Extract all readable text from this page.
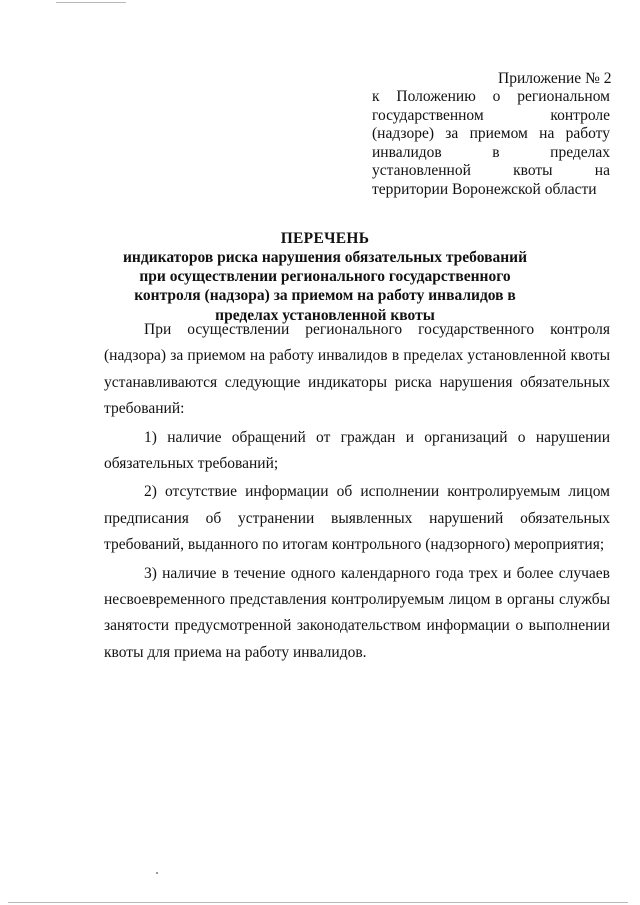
Приложение № 2
к Положению о региональном государственном контроле (надзоре) за приемом на работу инвалидов в пределах установленной квоты на территории Воронежской области
ПЕРЕЧЕНЬ
индикаторов риска нарушения обязательных требований при осуществлении регионального государственного контроля (надзора) за приемом на работу инвалидов в пределах установленной квоты

При осуществлении регионального государственного контроля (надзора) за приемом на работу инвалидов в пределах установленной квоты устанавливаются следующие индикаторы риска нарушения обязательных требований:

1) наличие обращений от граждан и организаций о нарушении обязательных требований;

2) отсутствие информации об исполнении контролируемым лицом предписания об устранении выявленных нарушений обязательных требований, выданного по итогам контрольного (надзорного) мероприятия;

3) наличие в течение одного календарного года трех и более случаев несвоевременного представления контролируемым лицом в органы службы занятости предусмотренной законодательством информации о выполнении квоты для приема на работу инвалидов.
